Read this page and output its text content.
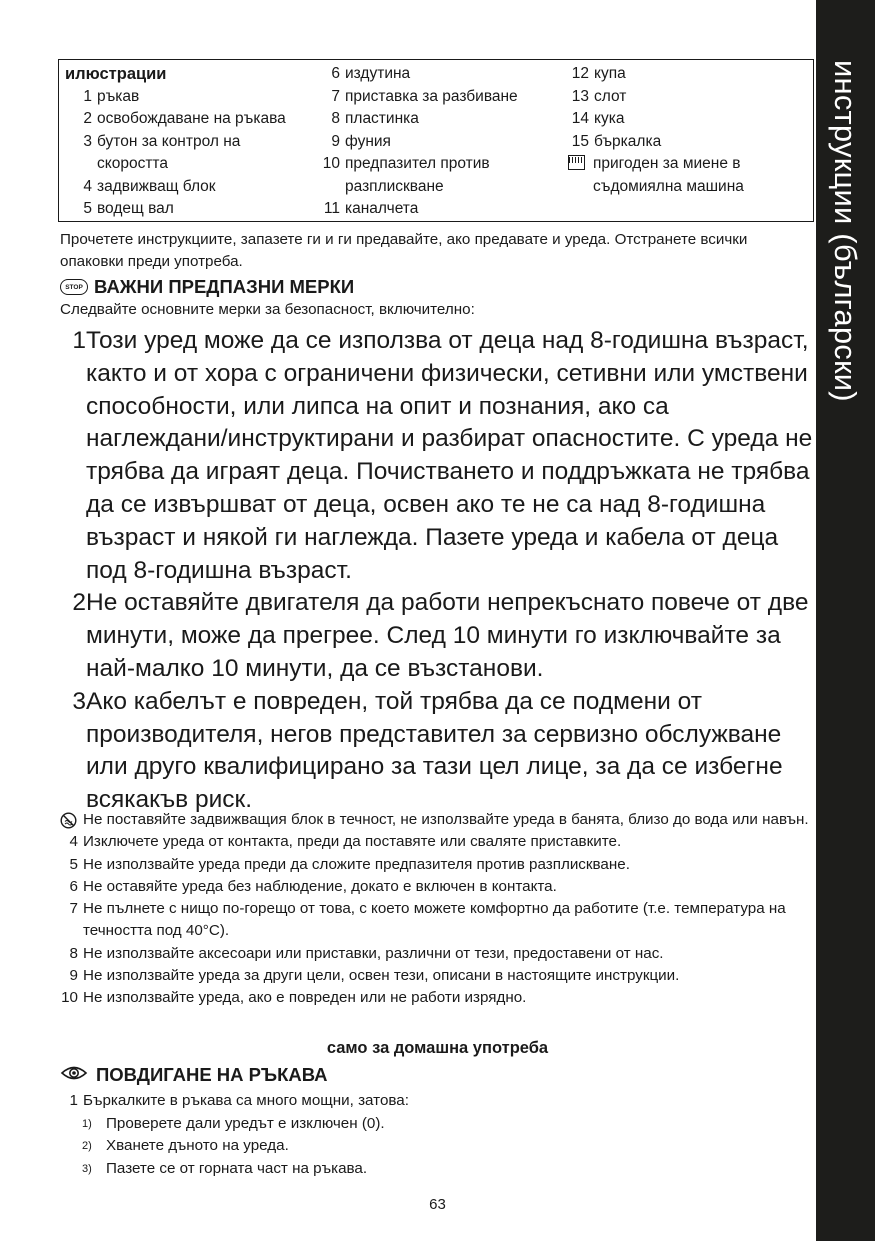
инструкции (български)
илюстрации
1 ръкав
2 освобождаване на ръкава
3 бутон за контрол на скоростта
4 задвижващ блок
5 водещ вал
6 издутина
7 приставка за разбиване
8 пластинка
9 фуния
10 предпазител против разплискване
11 каналчета
12 купа
13 слот
14 кука
15 бъркалка
пригоден за миене в съдомиялна машина
Прочетете инструкциите, запазете ги и ги предавайте, ако предавате и уреда. Отстранете всички опаковки преди употреба.
STOP ВАЖНИ ПРЕДПАЗНИ МЕРКИ
Следвайте основните мерки за безопасност, включително:
1 Този уред може да се използва от деца над 8-годишна възраст, както и от хора с ограничени физически, сетивни или умствени способности, или липса на опит и познания, ако са наглеждани/инструктирани и разбират опасностите. С уреда не трябва да играят деца. Почистването и поддръжката не трябва да се извършват от деца, освен ако те не са над 8-годишна възраст и някой ги наглежда. Пазете уреда и кабела от деца под 8-годишна възраст.
2 Не оставяйте двигателя да работи непрекъснато повече от две минути, може да прегрее. След 10 минути го изключвайте за най-малко 10 минути, да се възстанови.
3 Ако кабелът е повреден, той трябва да се подмени от производителя, негов представител за сервизно обслужване или друго квалифицирано за тази цел лице, за да се избегне всякакъв риск.
Не поставяйте задвижващия блок в течност, не използвайте уреда в банята, близо до вода или навън.
4 Изключете уреда от контакта, преди да поставяте или сваляте приставките.
5 Не използвайте уреда преди да сложите предпазителя против разплискване.
6 Не оставяйте уреда без наблюдение, докато е включен в контакта.
7 Не пълнете с нищо по-горещо от това, с което можете комфортно да работите (т.е. температура на течността под 40°C).
8 Не използвайте аксесоари или приставки, различни от тези, предоставени от нас.
9 Не използвайте уреда за други цели, освен тези, описани в настоящите инструкции.
10 Не използвайте уреда, ако е повреден или не работи изрядно.
само за домашна употреба
ПОВДИГАНЕ НА РЪКАВА
1 Бъркалките в ръкава са много мощни, затова:
1) Проверете дали уредът е изключен (0).
2) Хванете дъното на уреда.
3) Пазете се от горната част на ръкава.
63
